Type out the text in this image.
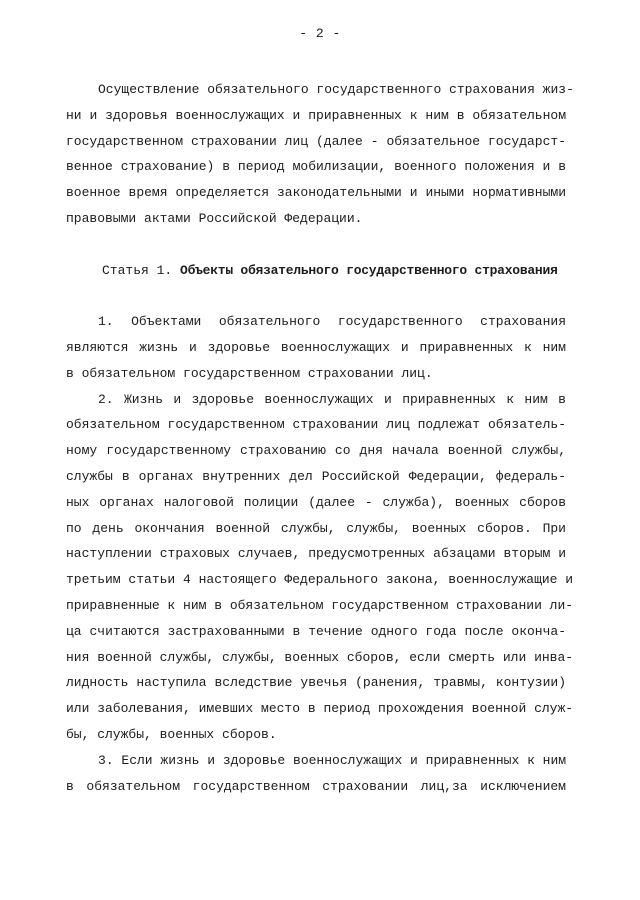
- 2 -
Осуществление обязательного государственного страхования жиз-
ни и здоровья военнослужащих и приравненных к ним в обязательном
государственном страховании лиц (далее - обязательное государст-
венное страхование) в период мобилизации, военного положения и в
военное время определяется законодательными и иными нормативными
правовыми актами Российской Федерации.
Статья 1. Объекты обязательного государственного страхования
1. Объектами обязательного государственного страхования
являются жизнь и здоровье военнослужащих и приравненных к ним
в обязательном государственном страховании лиц.
2. Жизнь и здоровье военнослужащих и приравненных к ним в
обязательном государственном страховании лиц подлежат обязатель-
ному государственному страхованию со дня начала военной службы,
службы в органах внутренних дел Российской Федерации, федераль-
ных органах налоговой полиции (далее - служба), военных сборов
по день окончания военной службы, службы, военных сборов. При
наступлении страховых случаев, предусмотренных абзацами вторым и
третьим статьи 4 настоящего Федерального закона, военнослужащие и
приравненные к ним в обязательном государственном страховании ли-
ца считаются застрахованными в течение одного года после оконча-
ния военной службы, службы, военных сборов, если смерть или инва-
лидность наступила вследствие увечья (ранения, травмы, контузии)
или заболевания, имевших место в период прохождения военной служ-
бы, службы, военных сборов.
3. Если жизнь и здоровье военнослужащих и приравненных к ним
в обязательном государственном страховании лиц,за исключением
